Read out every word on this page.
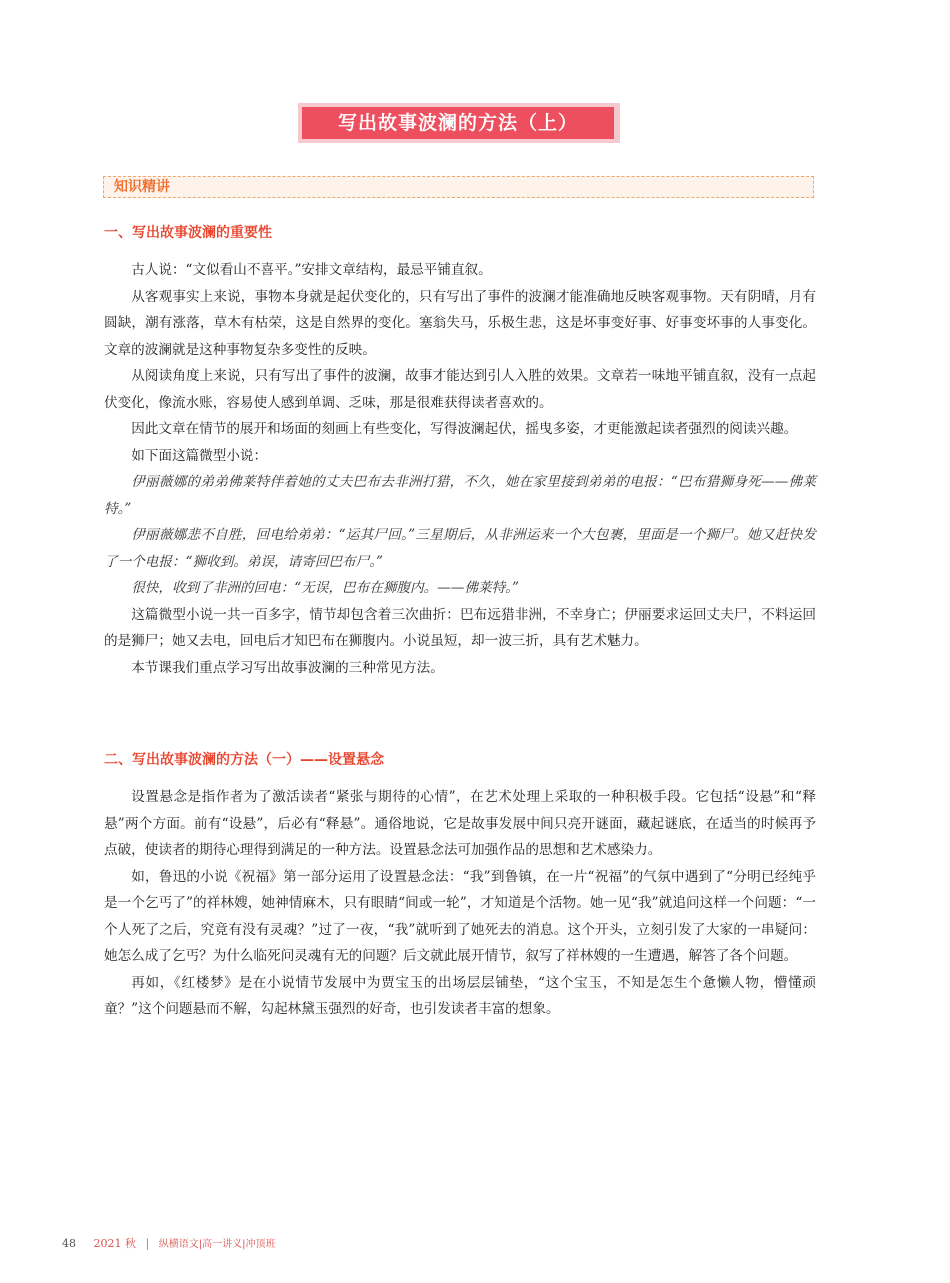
写出故事波澜的方法（上）
知识精讲
一、写出故事波澜的重要性

古人说：“文似看山不喜平。”安排文章结构，最忌平铺直叙。

从客观事实上来说，事物本身就是起伏变化的，只有写出了事件的波澜才能准确地反映客观事物。天有阴晴，月有圆缺，潮有涨落，草木有枯荣，这是自然界的变化。塞翁失马，乐极生悲，这是坏事变好事、好事变坏事的人事变化。文章的波澜就是这种事物复杂多变性的反映。

从阅读角度上来说，只有写出了事件的波澜，故事才能达到引人入胜的效果。文章若一味地平铺直叙，没有一点起伏变化，像流水账，容易使人感到单调、乏味，那是很难获得读者喜欢的。

因此文章在情节的展开和场面的刻画上有些变化，写得波澜起伏，摇曳多姿，才更能激起读者强烈的阅读兴趣。

如下面这篇微型小说：

伊丽薇娜的弟弟佛莱特伴着她的丈夫巴布去非洲打猎，不久，她在家里接到弟弟的电报：“巴布猎狮身死——佛莱特。”

伊丽薇娜悲不自胜，回电给弟弟：“运其尸回。”三星期后，从非洲运来一个大包裹，里面是一个狮尸。她又赶快发了一个电报：“狮收到。弟误，请寄回巴布尸。”

很快，收到了非洲的回电：“无误，巴布在狮腹内。——佛莱特。”

这篇微型小说一共一百多字，情节却包含着三次曲折：巴布远猎非洲，不幸身亡；伊丽要求运回丈夫尸，不料运回的是狮尸；她又去电，回电后才知巴布在狮腹内。小说虽短，却一波三折，具有艺术魅力。

本节课我们重点学习写出故事波澜的三种常见方法。

二、写出故事波澜的方法（一）——设置悬念

设置悬念是指作者为了激活读者“紧张与期待的心情”，在艺术处理上采取的一种积极手段。它包括“设悬”和“释悬”两个方面。前有“设悬”，后必有“释悬”。通俗地说，它是故事发展中间只亮开谜面，藏起谜底，在适当的时候再予点破，使读者的期待心理得到满足的一种方法。设置悬念法可加强作品的思想和艺术感染力。

如，鲁迅的小说《祝福》第一部分运用了设置悬念法：“我”到鲁镇，在一片“祝福”的气氛中遇到了“分明已经纯乎是一个乞丐了”的祥林嫂，她神情麻木，只有眼睛“间或一轮”，才知道是个活物。她一见“我”就追问这样一个问题：“一个人死了之后，究竟有没有灵魂？”过了一夜，“我”就听到了她死去的消息。这个开头，立刻引发了大家的一串疑问：她怎么成了乞丐？为什么临死问灵魂有无的问题？后文就此展开情节，叙写了祥林嫂的一生遭遇，解答了各个问题。

再如，《红楼梦》是在小说情节发展中为贾宝玉的出场层层铺垫，“这个宝玉，不知是怎生个惫懒人物，懵懂顽童？”这个问题悬而不解，勾起林黛玉强烈的好奇，也引发读者丰富的想象。

48 2021 秋 | 纵横语文|高一讲义|冲顶班
